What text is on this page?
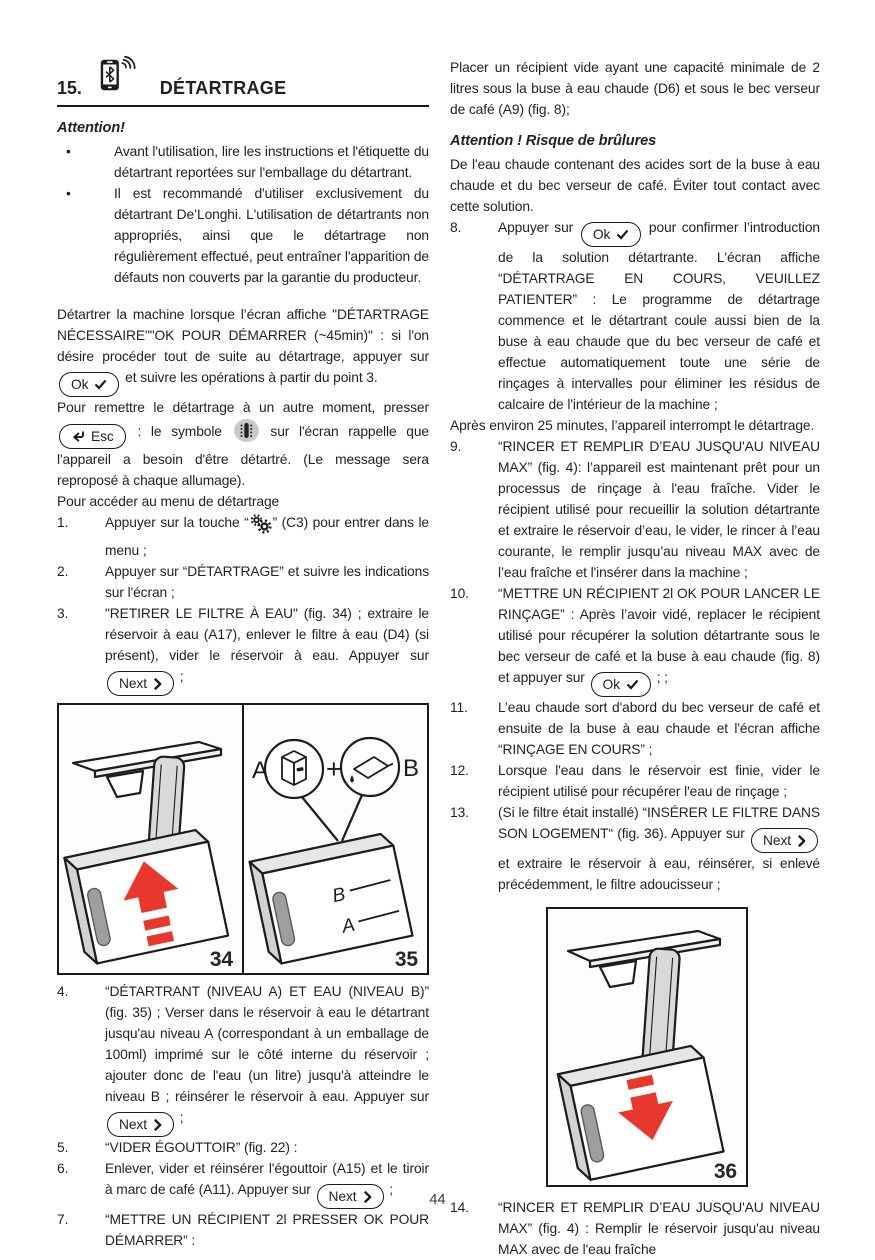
15.	DÉTARTRAGE

Attention!

•	Avant l'utilisation, lire les instructions et l'étiquette du détartrant reportées sur l'emballage du détartrant.
•	Il est recommandé d'utiliser exclusivement du détartrant De’Longhi. L'utilisation de détartrants non appropriés, ainsi que le détartrage non régulièrement effectué, peut entraîner l'apparition de défauts non couverts par la garantie du producteur.

Détartrer la machine lorsque l’écran affiche "DÉTARTRAGE NÉCESSAIRE""OK POUR DÉMARRER (~45min)" : si l'on désire procéder tout de suite au détartrage, appuyer sur
Ok	et suivre les opérations à partir du point 3.

Pour remettre le détartrage à un autre moment, presser
Esc : le symbole	sur l'écran rappelle que l'appareil a besoin d'être détartré. (Le message sera reproposé à chaque allumage).

Pour accéder au menu de détartrage

1.	Appuyer sur la touche “ ” (C3) pour entrer dans le menu ;
2.	Appuyer sur “DÉTARTRAGE” et suivre les indications sur l'écran ;
3.	"RETIRER LE FILTRE À EAU" (fig. 34) ; extraire le réservoir à eau (A17), enlever le filtre à eau (D4) (si présent), vider le réservoir à eau. Appuyer sur
Next ;
34
A +	B
B
A
35
4.	“DÉTARTRANT (NIVEAU A) ET EAU (NIVEAU B)” (fig. 35) ; Verser dans le réservoir à eau le détartrant jusqu'au niveau A (correspondant à un emballage de 100ml) imprimé sur le côté interne du réservoir ; ajouter donc de l'eau (un litre) jusqu'à atteindre le niveau B ; réinsérer le réservoir à eau. Appuyer sur
Next ;
5.	“VIDER ÉGOUTTOIR” (fig. 22) :
6.	Enlever, vider et réinsérer l'égouttoir (A15) et le tiroir à marc de café (A11). Appuyer sur Next ;
7.	“METTRE UN RÉCIPIENT 2l PRESSER OK POUR DÉMARRER” :

Placer un récipient vide ayant une capacité minimale de 2 litres sous la buse à eau chaude (D6) et sous le bec verseur de café (A9) (fig. 8);

Attention ! Risque de brûlures

De l'eau chaude contenant des acides sort de la buse à eau chaude et du bec verseur de café. Éviter tout contact avec cette solution.

8.	Appuyer sur Ok	pour confirmer l’introduction de la solution détartrante. L'écran affiche “DÉTARTRAGE EN COURS, VEUILLEZ PATIENTER” : Le programme de détartrage commence et le détartrant coule aussi bien de la buse à eau chaude que du bec verseur de café et effectue automatiquement toute une série de rinçages à intervalles pour éliminer les résidus de calcaire de l'intérieur de la machine ;

Après environ 25 minutes, l’appareil interrompt le détartrage.

9.	“RINCER ET REMPLIR D’EAU JUSQU'AU NIVEAU MAX” (fig. 4): l’appareil est maintenant prêt pour un processus de rinçage à l'eau fraîche. Vider le récipient utilisé pour recueillir la solution détartrante et extraire le réservoir d’eau, le vider, le rincer à l’eau courante, le remplir jusqu’au niveau MAX avec de l’eau fraîche et l'insérer dans la machine ;
10.	“METTRE UN RÉCIPIENT 2l OK POUR LANCER LE RINÇAGE” : Après l’avoir vidé, replacer le récipient utilisé pour récupérer la solution détartrante sous le bec verseur de café et la buse à eau chaude (fig. 8) et appuyer sur Ok	; ;
11.	L’eau chaude sort d'abord du bec verseur de café et ensuite de la buse à eau chaude et l'écran affiche “RINÇAGE EN COURS” ;
12.	Lorsque l'eau dans le réservoir est finie, vider le récipient utilisé pour récupérer l'eau de rinçage ;
13.	(Si le filtre était installé) “INSÉRER LE FILTRE DANS SON LOGEMENT“ (fig. 36). Appuyer sur Next
et extraire le réservoir à eau, réinsérer, si enlevé précédemment, le filtre adoucisseur ;
36
14.	“RINCER ET REMPLIR D’EAU JUSQU'AU NIVEAU MAX” (fig. 4) : Remplir le réservoir jusqu'au niveau MAX avec de l'eau fraîche
44
